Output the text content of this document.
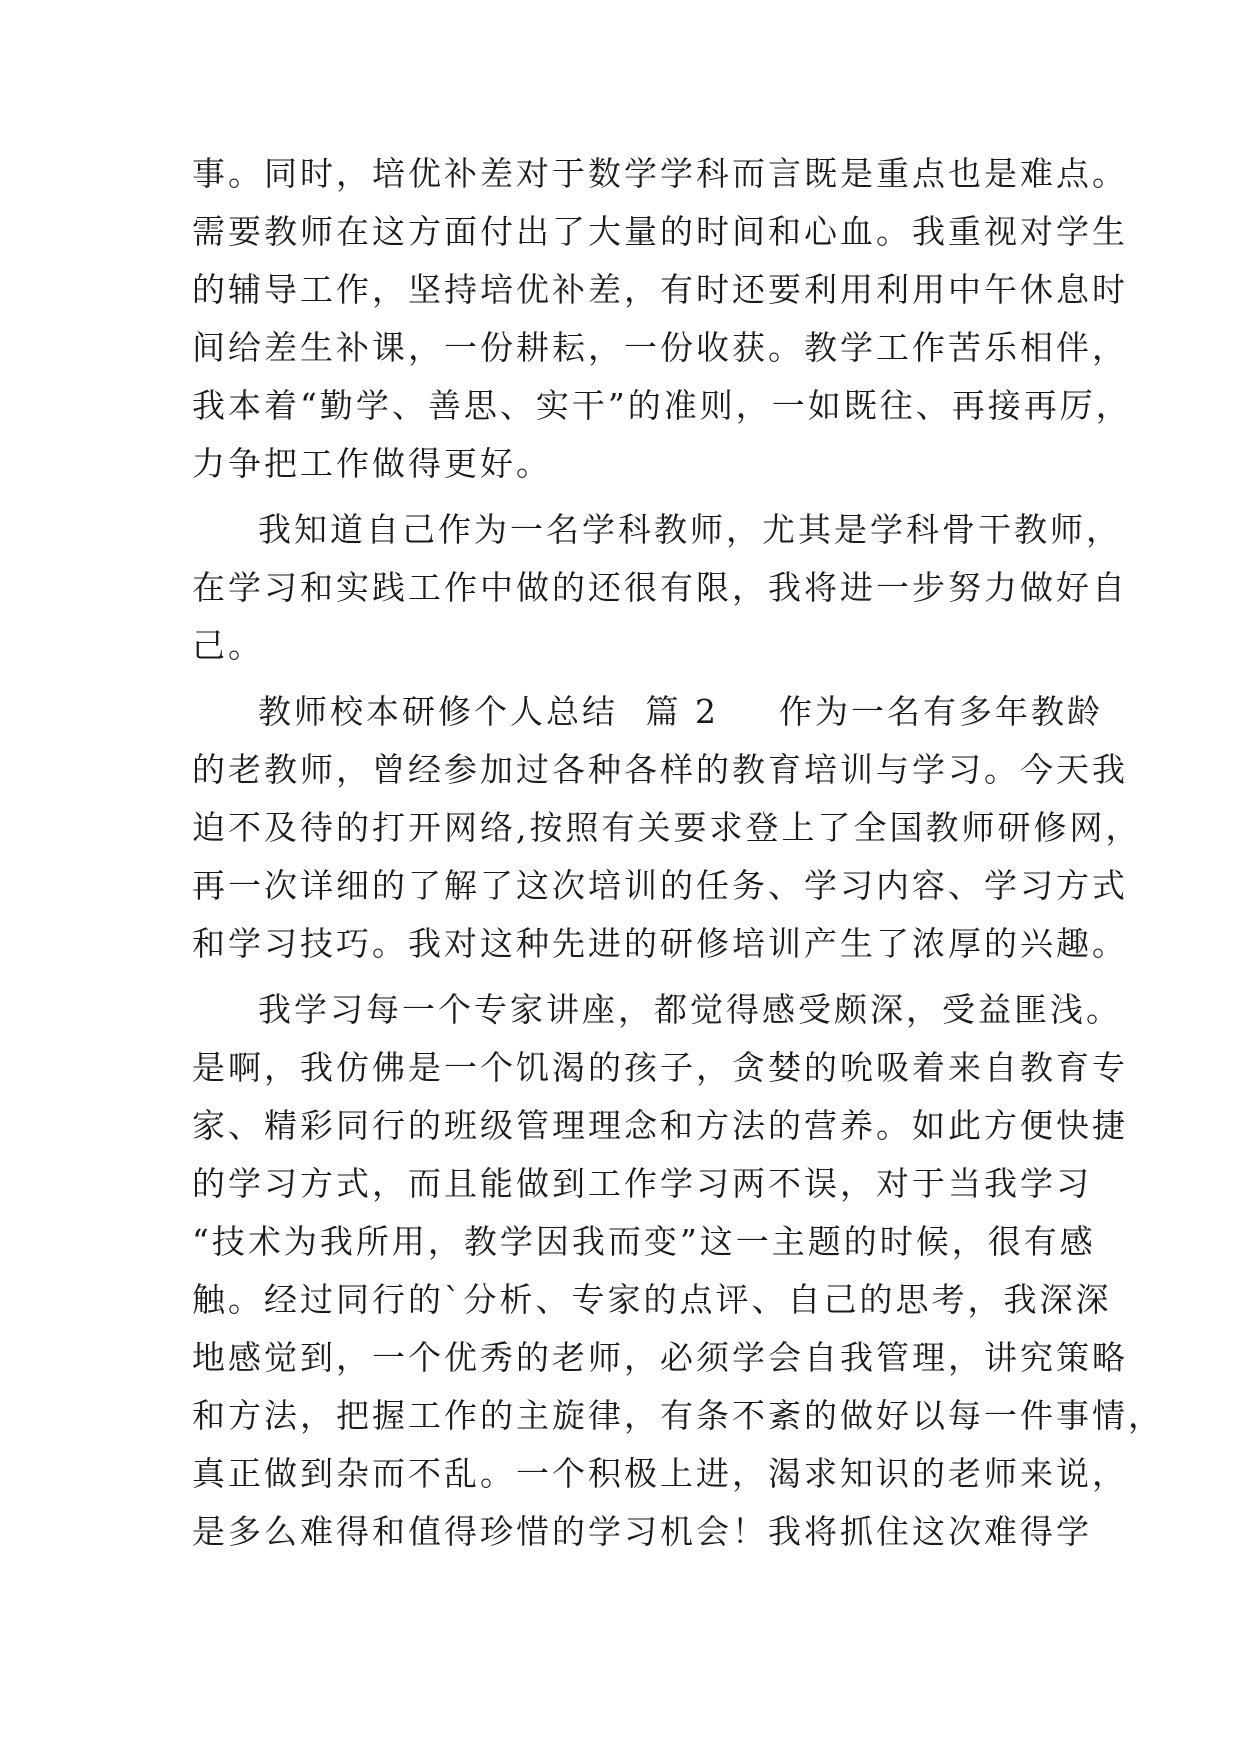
事。同时，培优补差对于数学学科而言既是重点也是难点。
需要教师在这方面付出了大量的时间和心血。我重视对学生
的辅导工作，坚持培优补差，有时还要利用利用中午休息时
间给差生补课，一份耕耘，一份收获。教学工作苦乐相伴，
我本着“勤学、善思、实干”的准则，一如既往、再接再厉，
力争把工作做得更好。
我知道自己作为一名学科教师，尤其是学科骨干教师，
在学习和实践工作中做的还很有限，我将进一步努力做好自
己。
教师校本研修个人总结 篇 2 作为一名有多年教龄
的老教师，曾经参加过各种各样的教育培训与学习。今天我
迫不及待的打开网络,按照有关要求登上了全国教师研修网，
再一次详细的了解了这次培训的任务、学习内容、学习方式
和学习技巧。我对这种先进的研修培训产生了浓厚的兴趣。
我学习每一个专家讲座，都觉得感受颇深，受益匪浅。
是啊，我仿佛是一个饥渴的孩子，贪婪的吮吸着来自教育专
家、精彩同行的班级管理理念和方法的营养。如此方便快捷
的学习方式，而且能做到工作学习两不误，对于当我学习
“技术为我所用，教学因我而变”这一主题的时候，很有感
触。经过同行的`分析、专家的点评、自己的思考，我深深
地感觉到，一个优秀的老师，必须学会自我管理，讲究策略
和方法，把握工作的主旋律，有条不紊的做好以每一件事情，
真正做到杂而不乱。一个积极上进，渴求知识的老师来说，
是多么难得和值得珍惜的学习机会！我将抓住这次难得学
